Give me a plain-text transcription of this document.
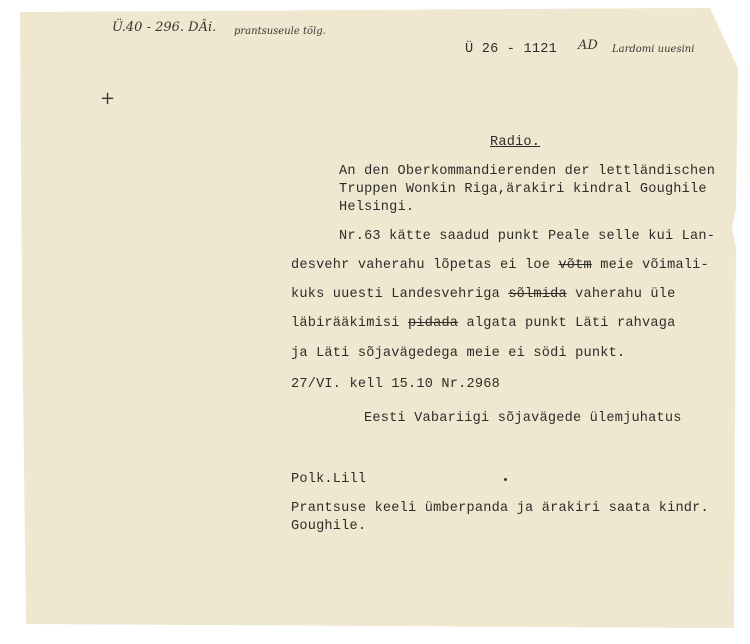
Ü.40 - 296. DÂi. prantsuseule tõlg.
+
Ü 26 - 1121 AD Lardomi uuesini
Radio.
An den Oberkommandierenden der lettländischen
Truppen Wonkin Riga,ärakiri kindral Goughile
Helsingi.
Nr.63 kätte saadud punkt Peale selle kui Lan-
desvehr vaherahu lõpetas ei loe võtm meie võimali-
kuks uuesti Landesvehriga sõlmida vaherahu üle
läbirääkimisi pidada algata punkt Läti rahvaga
ja Läti sõjavägedega meie ei södi punkt.
27/VI. kell 15.10 Nr.2968
Eesti Vabariigi sõjavägede ülemjuhatus
Polk.Lill
Prantsuse keeli ümberpanda ja ärakiri saata kindr.
Goughile.
